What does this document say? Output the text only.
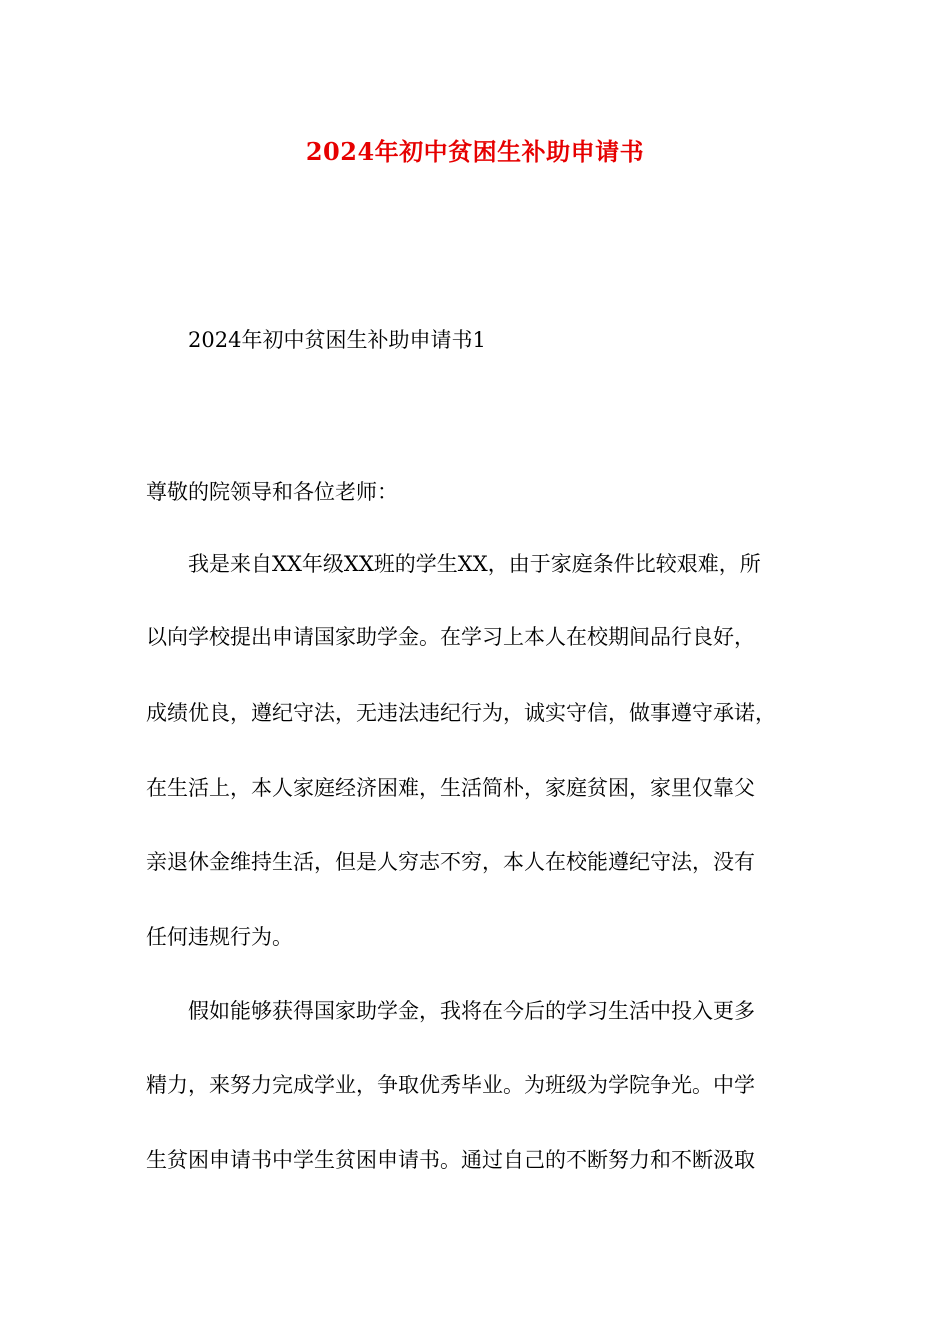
2024年初中贫困生补助申请书
2024年初中贫困生补助申请书1
尊敬的院领导和各位老师：
我是来自XX年级XX班的学生XX，由于家庭条件比较艰难，所
以向学校提出申请国家助学金。在学习上本人在校期间品行良好，
成绩优良，遵纪守法，无违法违纪行为，诚实守信，做事遵守承诺，
在生活上，本人家庭经济困难，生活简朴，家庭贫困，家里仅靠父
亲退休金维持生活，但是人穷志不穷，本人在校能遵纪守法，没有
任何违规行为。
假如能够获得国家助学金，我将在今后的学习生活中投入更多
精力，来努力完成学业，争取优秀毕业。为班级为学院争光。中学
生贫困申请书中学生贫困申请书。通过自己的不断努力和不断汲取
